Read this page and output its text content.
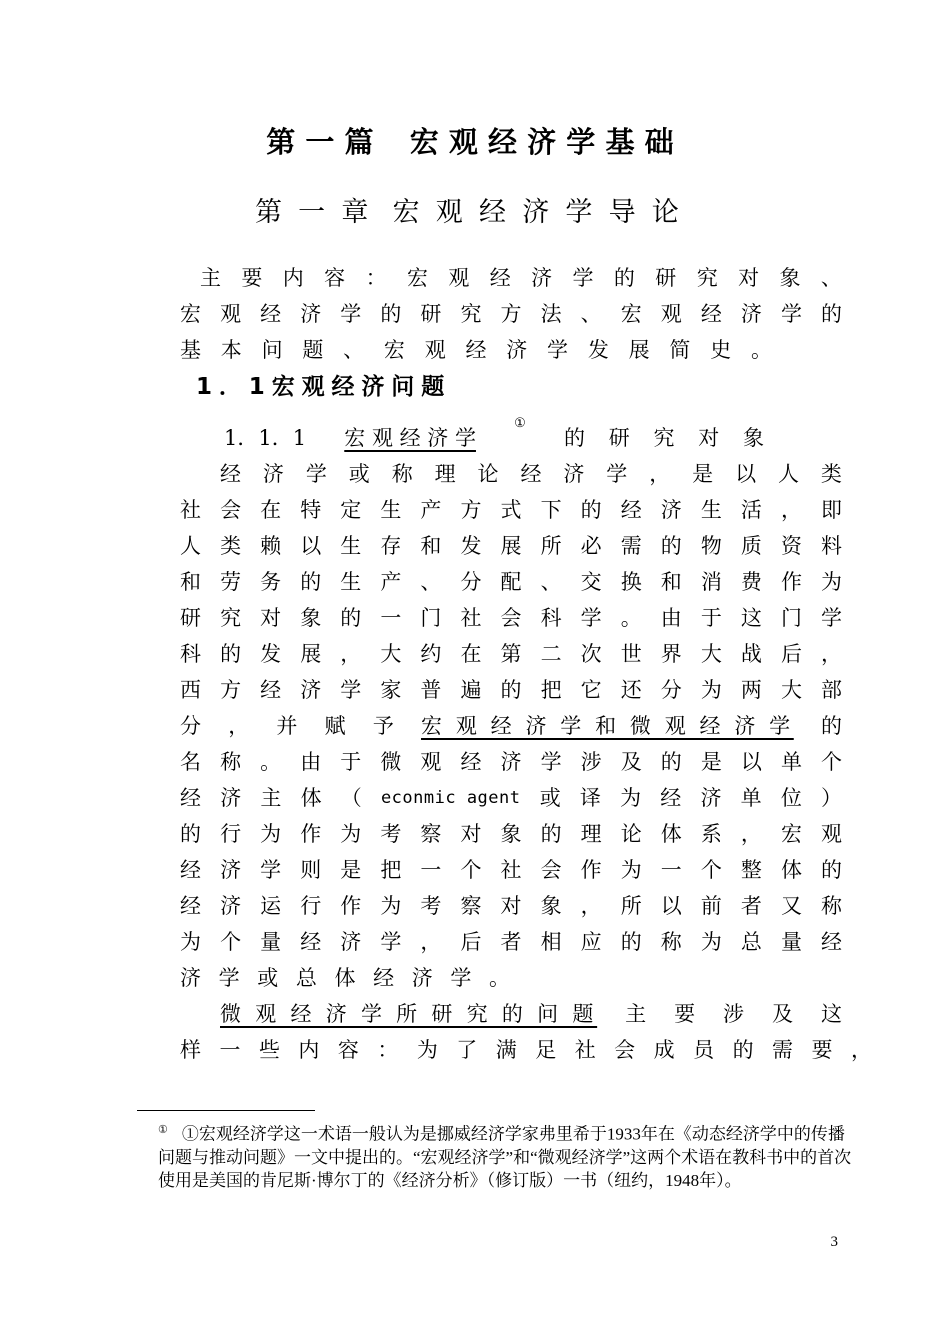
第一篇 宏观经济学基础
第一章 宏观经济学导论
主 要 内 容 ： 宏 观 经 济 学 的 研 究 对 象 、
宏 观 经 济 学 的 研 究 方 法 、 宏 观 经 济 学 的
基 本 问 题 、 宏 观 经 济 学 发 展 简 史 。
1．1宏观经济问题
1．1．1 宏 观 经 济 学
①
的 研 究 对 象
经 济 学 或 称 理 论 经 济 学 ， 是 以 人 类
社 会 在 特 定 生 产 方 式 下 的 经 济 生 活 ， 即
人 类 赖 以 生 存 和 发 展 所 必 需 的 物 质 资 料
和 劳 务 的 生 产 、 分 配 、 交 换 和 消 费 作 为
研 究 对 象 的 一 门 社 会 科 学 。 由 于 这 门 学
科 的 发 展 ， 大 约 在 第 二 次 世 界 大 战 后 ，
西 方 经 济 学 家 普 遍 的 把 它 还 分 为 两 大 部
分 ， 并 赋 予 宏 观 经 济 学 和 微 观 经 济 学 的
名 称 。 由 于 微 观 经 济 学 涉 及 的 是 以 单 个
经 济 主 体 （ econmic agent 或 译 为 经 济 单 位 ）
的 行 为 作 为 考 察 对 象 的 理 论 体 系 ， 宏 观
经 济 学 则 是 把 一 个 社 会 作 为 一 个 整 体 的
经 济 运 行 作 为 考 察 对 象 ， 所 以 前 者 又 称
为 个 量 经 济 学 ， 后 者 相 应 的 称 为 总 量 经
济 学 或 总 体 经 济 学 。
微 观 经 济 学 所 研 究 的 问 题 主 要 涉 及 这
样 一 些 内 容 ： 为 了 满 足 社 会 成 员 的 需 要 ，
① ①宏观经济学这一术语一般认为是挪威经济学家弗里希于1933年在《动态经济学中的传播问题与推动问题》一文中提出的。“宏观经济学”和“微观经济学”这两个术语在教科书中的首次使用是美国的肯尼斯·博尔丁的《经济分析》（修订版）一书（纽约，1948年）。
3
